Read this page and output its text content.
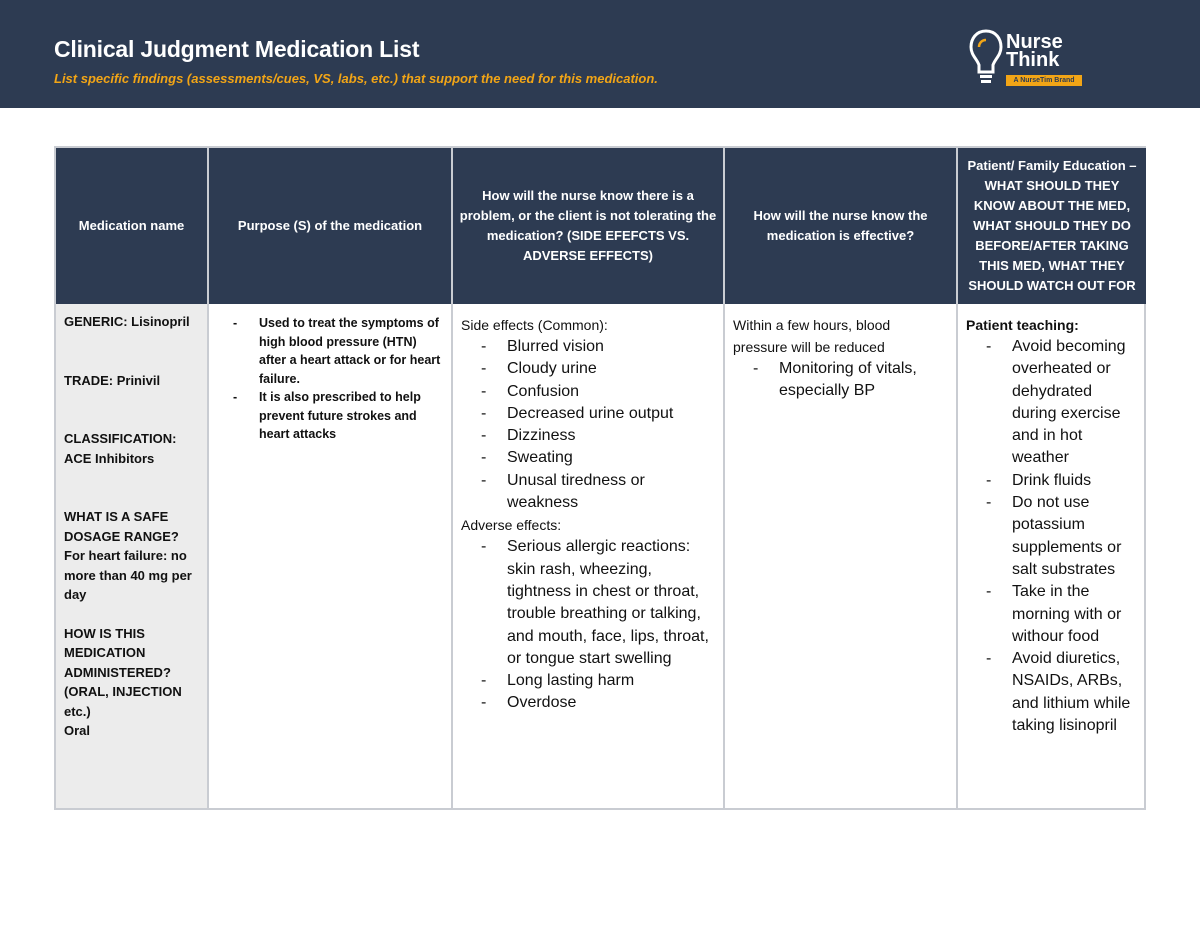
Clinical Judgment Medication List
List specific findings (assessments/cues, VS, labs, etc.) that support the need for this medication.
Nurse
Think
A NurseTim Brand
Medication name
GENERIC: Lisinopril
TRADE: Prinivil
CLASSIFICATION:
ACE Inhibitors
WHAT IS A SAFE DOSAGE RANGE?
For heart failure: no more than 40 mg per day
HOW IS THIS MEDICATION ADMINISTERED? (ORAL, INJECTION etc.)
Oral
Purpose (S) of the medication
- Used to treat the symptoms of high blood pressure (HTN) after a heart attack or for heart failure.
- It is also prescribed to help prevent future strokes and heart attacks
How will the nurse know there is a problem, or the client is not tolerating the medication? (SIDE EFEFCTS VS. ADVERSE EFFECTS)
Side effects (Common):
- Blurred vision
- Cloudy urine
- Confusion
- Decreased urine output
- Dizziness
- Sweating
- Unusal tiredness or weakness
Adverse effects:
- Serious allergic reactions: skin rash, wheezing, tightness in chest or throat, trouble breathing or talking, and mouth, face, lips, throat, or tongue start swelling
- Long lasting harm
- Overdose
How will the nurse know the medication is effective?
Within a few hours, blood pressure will be reduced
- Monitoring of vitals, especially BP
Patient/ Family Education – WHAT SHOULD THEY KNOW ABOUT THE MED, WHAT SHOULD THEY DO BEFORE/AFTER TAKING THIS MED, WHAT THEY SHOULD WATCH OUT FOR
Patient teaching:
- Avoid becoming overheated or dehydrated during exercise and in hot weather
- Drink fluids
- Do not use potassium supplements or salt substrates
- Take in the morning with or withour food
- Avoid diuretics, NSAIDs, ARBs, and lithium while taking lisinopril
